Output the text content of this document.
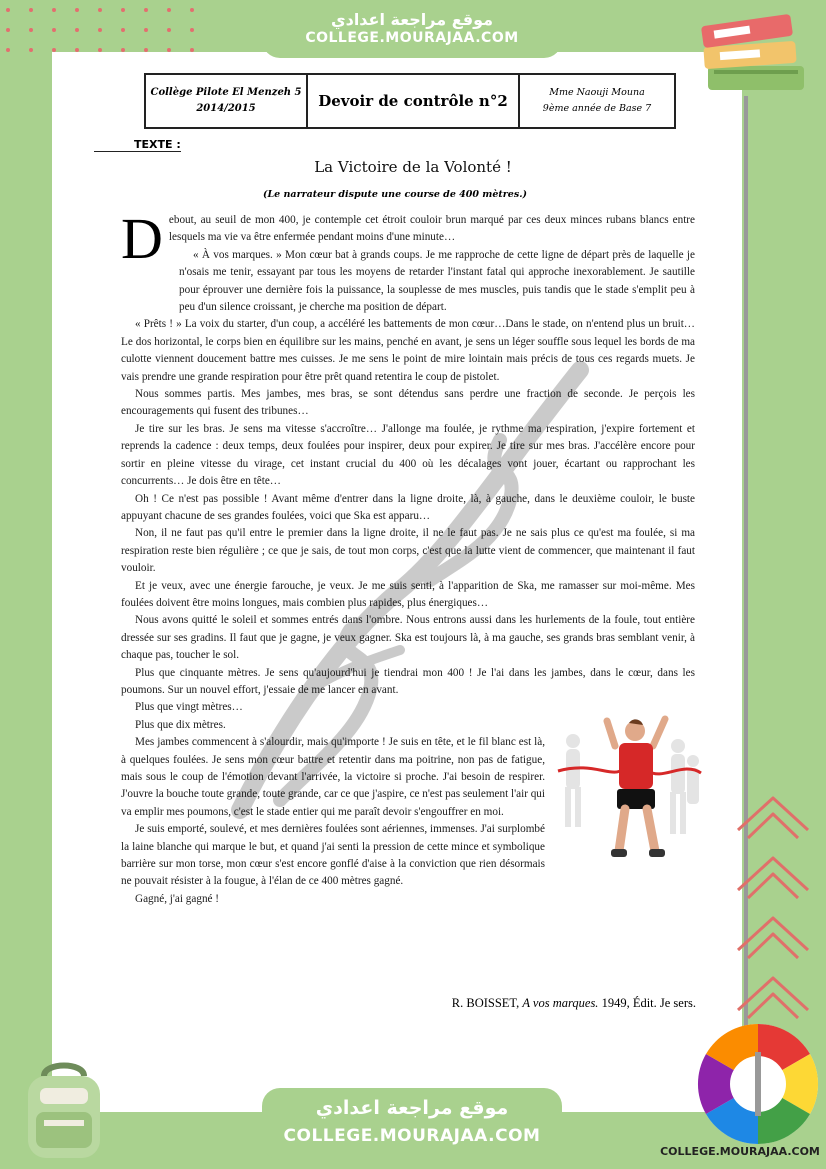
موقع مراجعة اعدادي
COLLEGE.MOURAJAA.COM
Collège Pilote El Menzeh 5
2014/2015	Devoir de contrôle n°2	Mme Naouji Mouna
9ème année de Base 7
TEXTE :
La Victoire de la Volonté !
(Le narrateur dispute une course de 400 mètres.)

Debout, au seuil de mon 400, je contemple cet étroit couloir brun marqué par ces deux minces rubans blancs entre lesquels ma vie va être enfermée pendant moins d'une minute…

« À vos marques. » Mon cœur bat à grands coups. Je me rapproche de cette ligne de départ près de laquelle je n'osais me tenir, essayant par tous les moyens de retarder l'instant fatal qui approche inexorablement. Je sautille pour éprouver une dernière fois la puissance, la souplesse de mes muscles, puis tandis que le stade s'emplit peu à peu d'un silence croissant, je cherche ma position de départ.

« Prêts ! » La voix du starter, d'un coup, a accéléré les battements de mon cœur…Dans le stade, on n'entend plus un bruit… Le dos horizontal, le corps bien en équilibre sur les mains, penché en avant, je sens un léger souffle sous lequel les bords de ma culotte viennent doucement battre mes cuisses. Je me sens le point de mire lointain mais précis de tous ces regards muets. Je vais prendre une grande respiration pour être prêt quand retentira le coup de pistolet.

Nous sommes partis. Mes jambes, mes bras, se sont détendus sans perdre une fraction de seconde. Je perçois les encouragements qui fusent des tribunes…

Je tire sur les bras. Je sens ma vitesse s'accroître… J'allonge ma foulée, je rythme ma respiration, j'expire fortement et reprends la cadence : deux temps, deux foulées pour inspirer, deux pour expirer. Je tire sur mes bras. J'accélère encore pour sortir en pleine vitesse du virage, cet instant crucial du 400 où les décalages vont jouer, écartant ou rapprochant les concurrents… Je dois être en tête…

Oh ! Ce n'est pas possible ! Avant même d'entrer dans la ligne droite, là, à gauche, dans le deuxième couloir, le buste appuyant chacune de ses grandes foulées, voici que Ska est apparu…

Non, il ne faut pas qu'il entre le premier dans la ligne droite, il ne le faut pas. Je ne sais plus ce qu'est ma foulée, si ma respiration reste bien régulière ; ce que je sais, de tout mon corps, c'est que la lutte vient de commencer, que maintenant il faut vouloir.

Et je veux, avec une énergie farouche, je veux. Je me suis senti, à l'apparition de Ska, me ramasser sur moi-même. Mes foulées doivent être moins longues, mais combien plus rapides, plus énergiques…

Nous avons quitté le soleil et sommes entrés dans l'ombre. Nous entrons aussi dans les hurlements de la foule, tout entière dressée sur ses gradins. Il faut que je gagne, je veux gagner. Ska est toujours là, à ma gauche, ses grands bras semblant venir, à chaque pas, toucher le sol.

Plus que cinquante mètres. Je sens qu'aujourd'hui je tiendrai mon 400 ! Je l'ai dans les jambes, dans le cœur, dans les poumons. Sur un nouvel effort, j'essaie de me lancer en avant.

Plus que vingt mètres…

Plus que dix mètres.

Mes jambes commencent à s'alourdir, mais qu'importe ! Je suis en tête, et le fil blanc est là, à quelques foulées. Je sens mon cœur battre et retentir dans ma poitrine, non pas de fatigue, mais sous le coup de l'émotion devant l'arrivée, la victoire si proche. J'ai besoin de respirer. J'ouvre la bouche toute grande, toute grande, car ce que j'aspire, ce n'est pas seulement l'air qui va emplir mes poumons, c'est le stade entier qui me paraît devoir s'engouffrer en moi.

Je suis emporté, soulevé, et mes dernières foulées sont aériennes, immenses. J'ai surplombé la laine blanche qui marque le but, et quand j'ai senti la pression de cette mince et symbolique barrière sur mon torse, mon cœur s'est encore gonflé d'aise à la conviction que rien désormais ne pouvait résister à la fougue, à l'élan de ce 400 mètres gagné.

Gagné, j'ai gagné !

R. BOISSET, A vos marques. 1949, Édit. Je sers.
COLLEGE.MOURAJAA.COM
موقع مراجعة اعدادي
COLLEGE.MOURAJAA.COM
